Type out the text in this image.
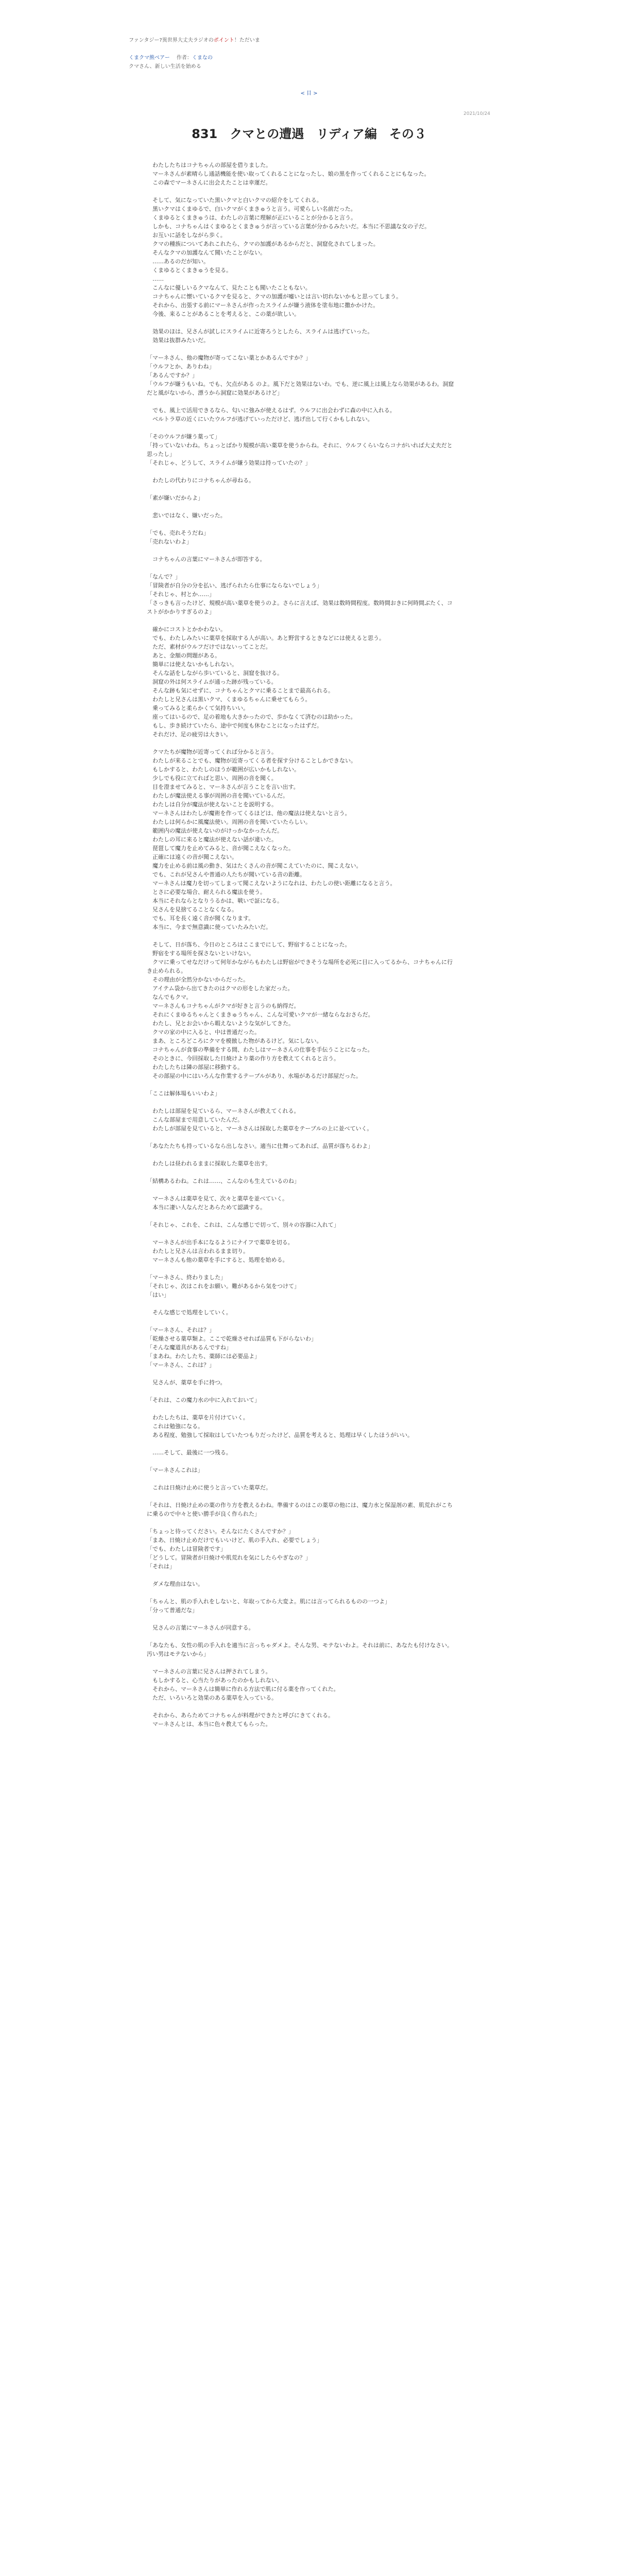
ファンタジー?異世界大丈夫ラジオのポイント！ただいま
くまクマ熊ベアー 作者：くまなの
クマさん、新しい生活を始める
< 目 >
2021/10/24
831　クマとの遭遇　リディア編　その３

　わたしたちはコナちゃんの部屋を借りました。

　マーネさんが素晴らし通話機能を使い取ってくれることになったし、娘の黒を作ってくれることにもなった。

　この森でマーネさんに出会えたことは幸運だ。

　そして、気になっていた黒いクマと白いクマの紹介をしてくれる。

　黒いクマはくまゆるで、白いクマがくまきゅうと言う。可愛らしい名前だった。

　くまゆるとくまきゅうは、わたしの言葉に理解が正にいることが分かると言う。

　しかも、コナちゃんはくまゆるとくまきゅうが言っている言葉が分かるみたいだ。本当に不思議な女の子だ。

　お互いに話をしながら歩く。

　クマの種族についてあれこれたら、クマの加護があるからだと、洞窟化されてしまった。

　そんなクマの加護なんて聞いたことがない。

　……あるのだが知い。

　くまゆるとくまきゅうを見る。

　……

　こんなに優しいるクマなんて、見たことも聞いたこともない。

　コナちゃんに懐いているクマを見ると、クマの加護が嘘いとは言い切れないかもと思ってしまう。

　それから、出張する前にマーネさんが作ったスライムが嫌う液体を塗布地に撒かかけた。

　今後、来ることがあることを考えると、この薬が欲しい。

　効果のほは、兄さんが試しにスライムに近寄ろうとしたら、スライムは逃げていった。

　効果は抜群みたいだ。

「マーネさん、他の魔物が寄ってこない薬とかあるんですか？」

「ウルフとか、ありわね」

「あるんですか？」

「ウルフが嫌うもいね。でも、欠点がある のよ。風下だと効果はないわ。でも、逆に風上は風上なら効果があるわ。洞窟だと風がないから、漂うから洞窟に効果があるけど」

　でも、風上で活用できるなら、匂いに強みが使えるはず。ウルフに出会わずに森の中に入れる。

　ベルトラ草の近くにいたウルフが逃げていっただけど、逃げ出して行くかもしれない。

「そのウルフが嫌う薬って」

「持っていないわね。ちょっとばかり規模が高い薬草を使うからね。それに、ウルフくらいならコナがいれば大丈夫だと思ったし」

「それじゃ、どうして、スライムが嫌う効果は持っていたの？」

　わたしの代わりにコナちゃんが尋ねる。

「素が嫌いだからよ」

　悲いではなく、嫌いだった。

「でも、売れそうだね」

「売れないわよ」

　コナちゃんの言葉にマーネさんが即答する。

「なんで？」

「冒険者が自分の分を払い、逃げられたら仕事にならないでしょう」

「それじゃ、村とか……」

「さっきも言ったけど、規模が高い薬草を使うのよ。さらに言えば、効果は数時間程度。数時間おきに何時間ぶたく、コストがかかりすぎるのよ」

　確かにコストとかかわない。

　でも、わたしみたいに薬草を採取する人が高い。あと野営するときなどには使えると思う。

　ただ、素材がウルフだけではないってことだ。

　あと、金額の問題がある。

　簡単には使えないかもしれない。

　そんな話をしながら歩いていると、洞窟を抜ける。

　洞窟の外は何スライムが通った跡が残っている。

　そんな跡も気にせずに、コナちゃんとクマに乗ることまで最高られる。

　わたしと兄さんは黒いクマ、くまゆるちゃんに乗せてもらう。

　乗ってみると柔らかくて気持ちいい。

　座ってはいるので、足の着地も大きかったので、歩かなくて済むのは助かった。

　もし、歩き続けていたら、途中で何度も休むことになったはずだ。

　それだけ、足の疲労は大きい。

　クマたちが魔物が近寄ってくれば分かると言う。

　わたしが来ることでも、魔物が近寄ってくる者を探す分けることしかできない。

　もしかすると、わたしのほうが範囲が広いかもしれない。

　少しでも役に立てればと思い、周囲の音を聞く。

　目を澄ませてみると、マーネさんが言うことを言い出す。

　わたしが魔法使える事が周囲の音を聞いているんだ。

　わたしは自分が魔法が使えないことを説明する。

　マーネさんはわたしが魔術を作ってくるほどは、他の魔法は使えないと言う。

　わたしは何らかに風魔法使い。周囲の音を聞いていたらしい。

　範囲内の魔法が使えないのがけっかなかったんだ。

　わたしの耳に来ると魔法が使えない話が違いた。

　琵琶して魔力を止めてみると、音が聞こえなくなった。

　正確には遠くの音が聞こえない。

　魔力を止める前は風の動き、気はたくさんの音が聞こえていたのに、聞こえない。

　でも、これが兄さんや普通の人たちが聞いている音の距離。

　マーネさんは魔力を切ってしまって聞こえないようになれは、わたしの使い距離になると言う。

　とさに必要な場合、耐えられる魔法を使う。

　本当にそれならとなりうるかは、戦いで証になる。

　兄さんを見捨てることなくなる。

　でも、耳を長く遠く音が聞くなります。

　本当に、今まで無意識に使っていたみたいだ。

　そして、日が落ち、今日のところはここまでにして、野宿することになった。

　野宿をする場所を探さないといけない。

　クマに乗ってせなだけって何年かながらもわたしは野宿ができそうな場所を必死に目に入ってるから、コナちゃんに行き止められる。

　その理由が全然分かないからだった。

　アイテム袋から出てきたのはクマの形をした家だった。

　なんでもクマ。

　マーネさんもコナちゃんがクマが好きと言うのも納得だ。

　それにくまゆるちゃんとくまきゅうちゃん、こんな可愛いクマが一緒ならなおさらだ。

　わたし、兄とお会いから暇えないような気がしてきた。

　クマの家の中に入ると、中は普通だった。

　まあ、ところどころにクマを模倣した物があるけど。気にしない。

　コナちゃんが食事の準備をする間、わたしはマーネさんの仕事を手伝うことになった。

　そのときに、今回採取した日焼けより薬の作り方を教えてくれると言う。

　わたしたちは隣の部屋に移動する。

　その部屋の中にはいろんな作業するテーブルがあり、水場があるだけ部屋だった。

「ここは解体場もいいわよ」

　わたしは部屋を見ているら、マーネさんが教えてくれる。

　こんな部屋まで用意していたんだ。

　わたしが部屋を見ていると、マーネさんは採取した薬草をテーブルの上に並べていく。

「あなたたちも持っているなら出しなさい。適当に仕舞ってあれば、品質が落ちるわよ」

　わたしは昼われるままに採取した薬草を出す。

「結構あるわね。これは……、こんなのも生えているのね」

　マーネさんは薬草を見て、次々と薬草を並べていく。

　本当に凄い人なんだとあらためて認識する。

「それじゃ、これを、これは、こんな感じで切って、別々の容器に入れて」

　マーネさんが出手本になるようにナイフで薬草を切る。

　わたしと兄さんは言われるまま切り。

　マーネさんも他の薬草を手にすると、処理を始める。

「マーネさん、終わりました」

「それじゃ、次はこれをお願い。難があるから気をつけて」

「はい」

　そんな感じで処理をしていく。

「マーネさん、それは？」

「乾燥させる薬草類よ。ここで乾燥させれば品質も下がらないわ」

「そんな魔道具があるんですね」

「まあね。わたしたち、薬師には必要品よ」

「マーネさん、これは？」

　兄さんが、薬草を手に持つ。

「それは、この魔力水の中に入れておいて」

　わたしたちは、薬草を片付けていく。

　これは勉強になる。

　ある程度、勉強して採取はしていたつもりだったけど、品質を考えると、処理は早くしたほうがいい。

　……そして、最後に一つ残る。

「マーネさんこれは」

　これは日焼け止めに使うと言っていた薬草だ。

「それは、日焼け止めの薬の作り方を教えるわね。準備するのはこの薬草の他には、魔力水と保湿剤の素、肌荒れがこちに乗るので中々と使い勝手が良く作られた」

「ちょっと待ってください。そんなにたくさんですか？」

「まあ、日焼け止めだけでもいいけど、肌の手入れ、必要でしょう」

「でも、わたしは冒険者です」

「どうして。冒険者が日焼けや肌荒れを気にしたらやぎなの？」

「それは」

　ダメな理由はない。

「ちゃんと、肌の手入れをしないと、年取ってから大変よ。肌には言ってられるものの一つよ」

「分って普通だな」

　兄さんの言葉にマーネさんが同意する。

「あなたも、女性の肌の手入れを適当に言っちゃダメよ。そんな男、モテないわよ。それは前に、あなたも付けなさい。汚い男はモテないから」

　マーネさんの言葉に兄さんは押されてしまう。

　もしかすると、心当たりがあったのかもしれない。

　それから、マーネさんは簡単に作れる方法で肌に付る薬を作ってくれた。

　ただ、いろいろと効果のある薬草を入っている。

　それから、あらためてコナちゃんが料理ができたと呼びにきてくれる。

　マーネさんとは、本当に色々教えてもらった。
